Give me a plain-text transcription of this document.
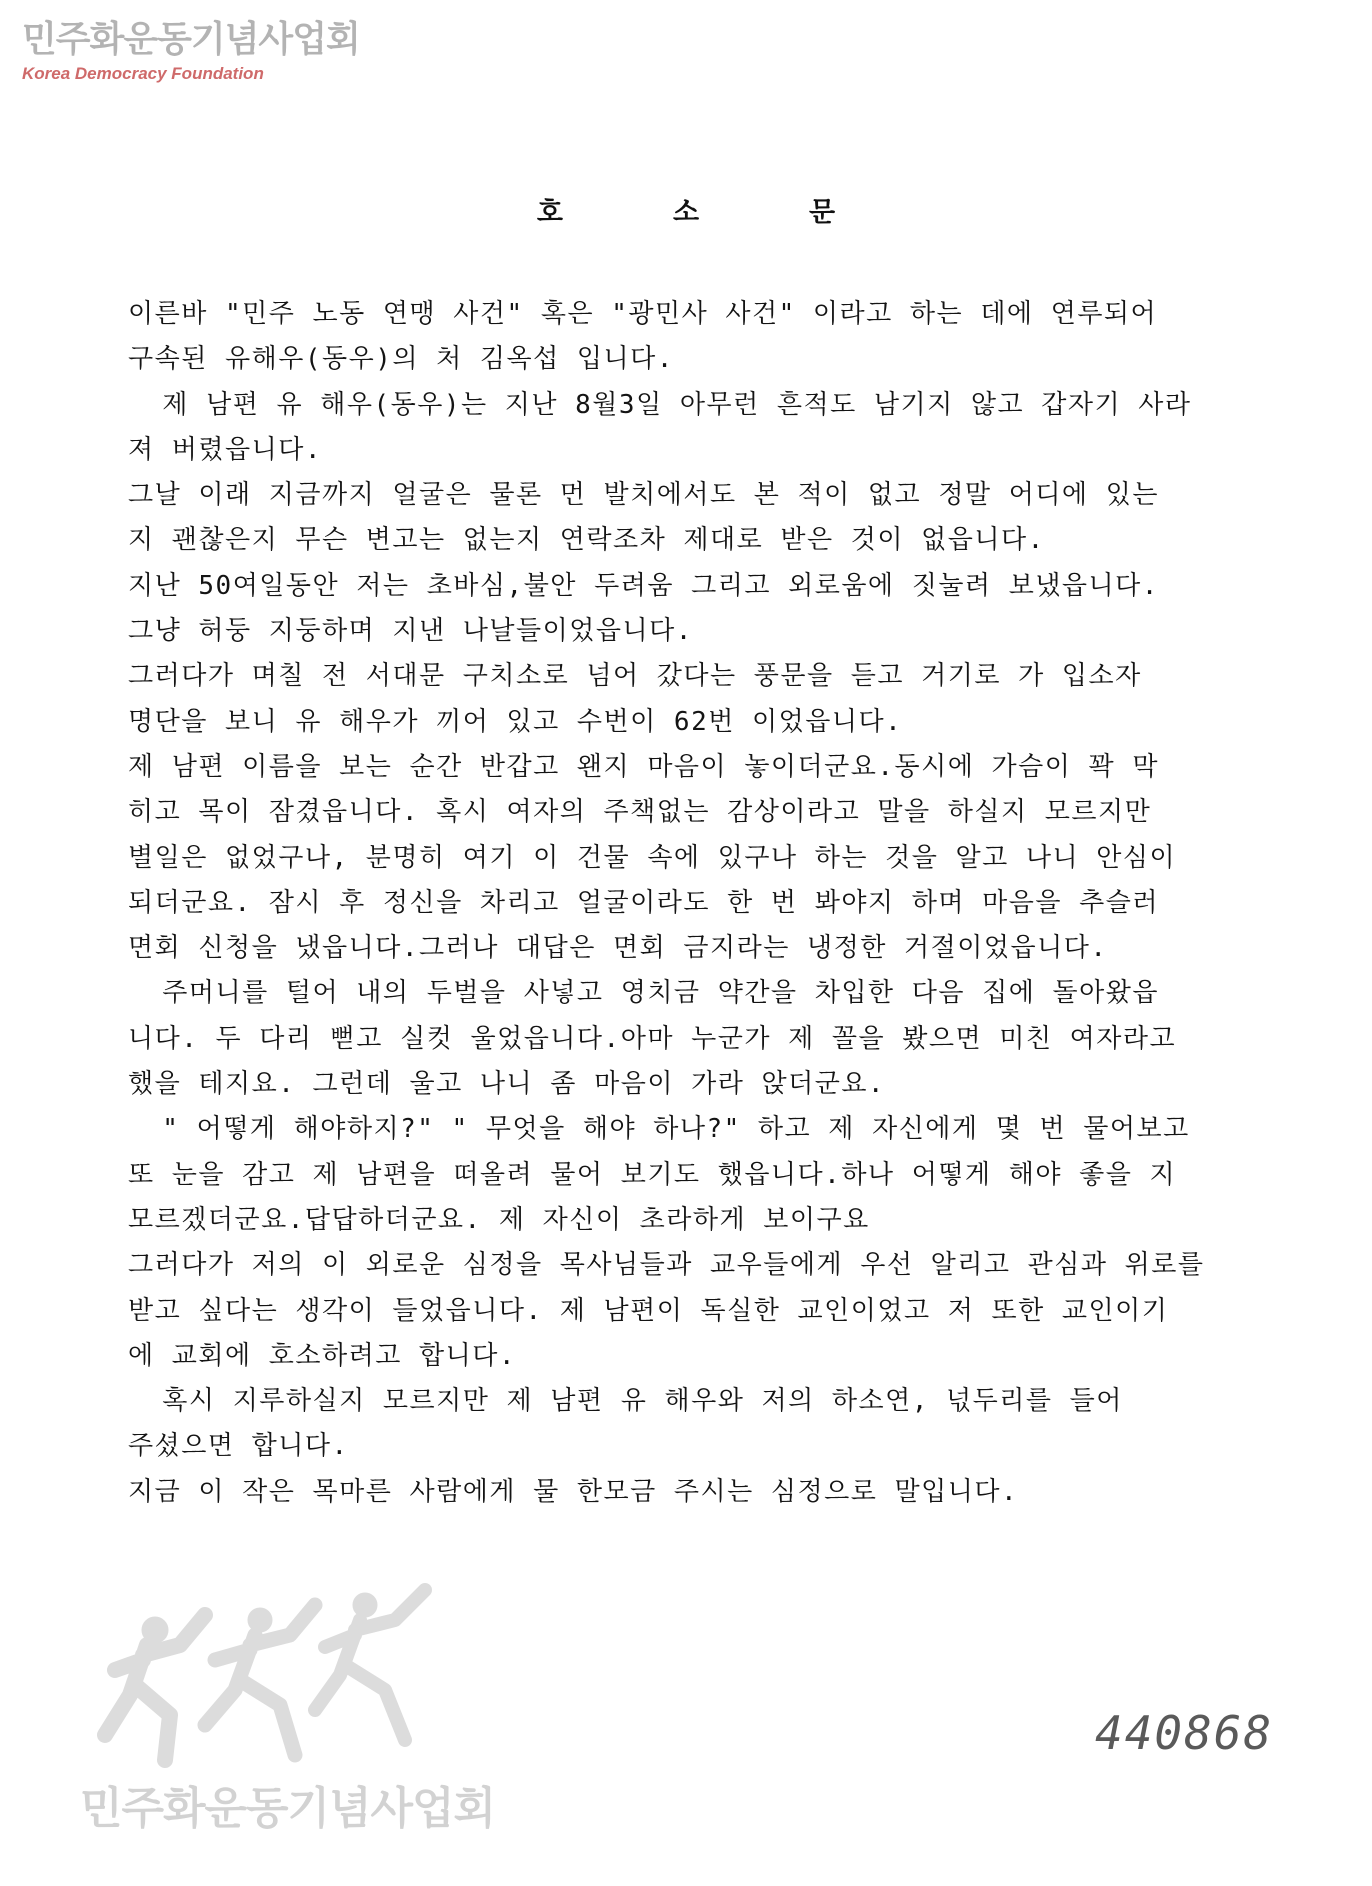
민주화운동기념사업회
Korea Democracy Foundation
호소문
이른바 "민주 노동 연맹 사건" 혹은 "광민사 사건" 이라고 하는 데에 연루되어
구속된 유해우(동우)의 처 김옥섭 입니다.
제 남편 유 해우(동우)는 지난 8월3일 아무런 흔적도 남기지 않고 갑자기 사라
져 버렸읍니다.
그날 이래 지금까지 얼굴은 물론 먼 발치에서도 본 적이 없고 정말 어디에 있는
지 괜찮은지 무슨 변고는 없는지 연락조차 제대로 받은 것이 없읍니다.
지난 50여일동안 저는 초바심,불안 두려움 그리고 외로움에 짓눌려 보냈읍니다.
그냥 허둥 지둥하며 지낸 나날들이었읍니다.
그러다가 며칠 전 서대문 구치소로 넘어 갔다는 풍문을 듣고 거기로 가 입소자
명단을 보니 유 해우가 끼어 있고 수번이 62번 이었읍니다.
제 남편 이름을 보는 순간 반갑고 왠지 마음이 놓이더군요.동시에 가슴이 꽉 막
히고 목이 잠겼읍니다. 혹시 여자의 주책없는 감상이라고 말을 하실지 모르지만
별일은 없었구나, 분명히 여기 이 건물 속에 있구나 하는 것을 알고 나니 안심이
되더군요. 잠시 후 정신을 차리고 얼굴이라도 한 번 봐야지 하며 마음을 추슬러
면회 신청을 냈읍니다.그러나 대답은 면회 금지라는 냉정한 거절이었읍니다.
주머니를 털어 내의 두벌을 사넣고 영치금 약간을 차입한 다음 집에 돌아왔읍
니다. 두 다리 뻗고 실컷 울었읍니다.아마 누군가 제 꼴을 봤으면 미친 여자라고
했을 테지요. 그런데 울고 나니 좀 마음이 가라 앉더군요.
" 어떻게 해야하지?" " 무엇을 해야 하나?" 하고 제 자신에게 몇 번 물어보고
또 눈을 감고 제 남편을 떠올려 물어 보기도 했읍니다.하나 어떻게 해야 좋을 지
모르겠더군요.답답하더군요. 제 자신이 초라하게 보이구요
그러다가 저의 이 외로운 심정을 목사님들과 교우들에게 우선 알리고 관심과 위로를
받고 싶다는 생각이 들었읍니다. 제 남편이 독실한 교인이었고 저 또한 교인이기
에 교회에 호소하려고 합니다.
혹시 지루하실지 모르지만 제 남편 유 해우와 저의 하소연, 넋두리를 들어
주셨으면 합니다.
지금 이 작은 목마른 사람에게 물 한모금 주시는 심정으로 말입니다.
민주화운동기념사업회
440868
